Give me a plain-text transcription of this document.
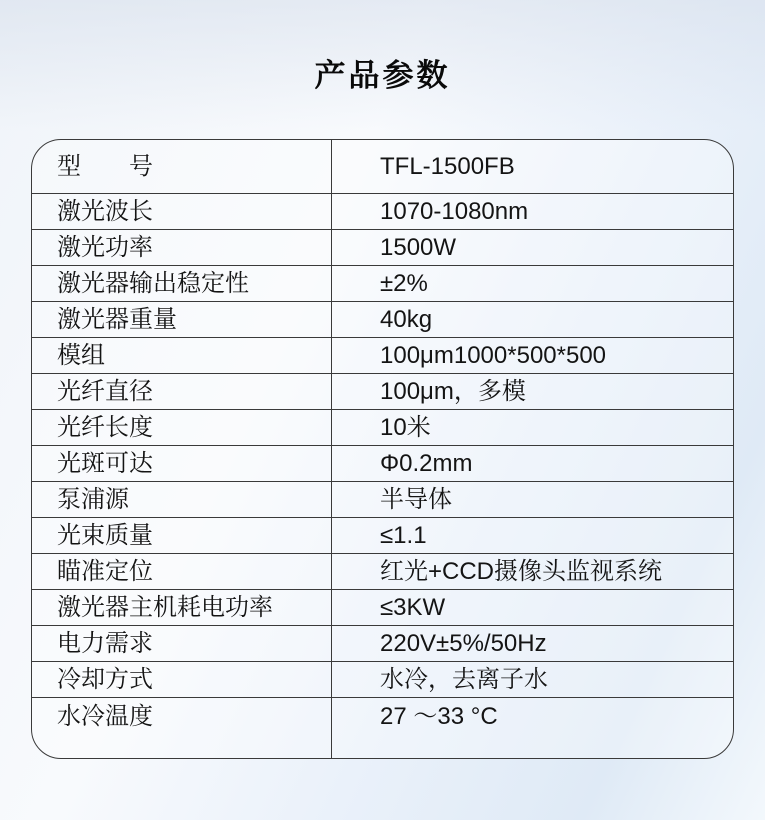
产品参数
型　　号	TFL-1500FB
激光波长	1070-1080nm
激光功率	1500W
激光器输出稳定性	±2%
激光器重量	40kg
模组	100μm1000*500*500
光纤直径	100μm，多模
光纤长度	10米
光斑可达	Φ0.2mm
泵浦源	半导体
光束质量	≤1.1
瞄准定位	红光+CCD摄像头监视系统
激光器主机耗电功率	≤3KW
电力需求	220V±5%/50Hz
冷却方式	水冷，去离子水
水冷温度	27 ～33 °C
